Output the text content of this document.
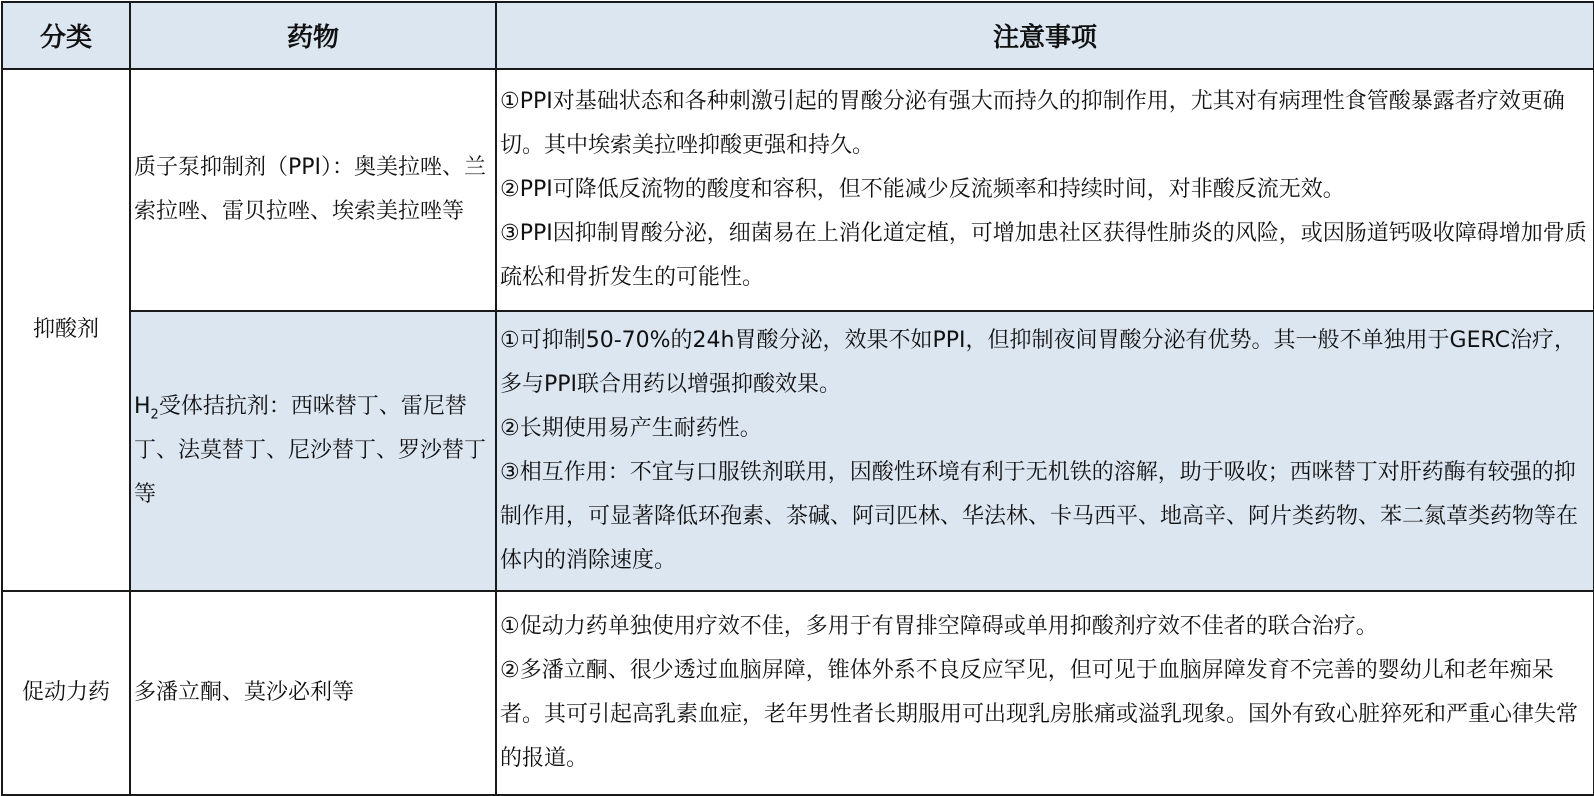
分类	药物	注意事项
抑酸剂	质子泵抑制剂（PPI）：奥美拉唑、兰索拉唑、雷贝拉唑、埃索美拉唑等	①PPI对基础状态和各种刺激引起的胃酸分泌有强大而持久的抑制作用，尤其对有病理性食管酸暴露者疗效更确切。其中埃索美拉唑抑酸更强和持久。

②PPI可降低反流物的酸度和容积，但不能减少反流频率和持续时间，对非酸反流无效。

③PPI因抑制胃酸分泌，细菌易在上消化道定植，可增加患社区获得性肺炎的风险，或因肠道钙吸收障碍增加骨质疏松和骨折发生的可能性。

	$H_2$受体拮抗剂：西咪替丁、雷尼替丁、法莫替丁、尼沙替丁、罗沙替丁等	①可抑制50-70%的24h胃酸分泌，效果不如PPI，但抑制夜间胃酸分泌有优势。其一般不单独用于GERC治疗，多与PPI联合用药以增强抑酸效果。

②长期使用易产生耐药性。

③相互作用：不宜与口服铁剂联用，因酸性环境有利于无机铁的溶解，助于吸收；西咪替丁对肝药酶有较强的抑制作用，可显著降低环孢素、茶碱、阿司匹林、华法林、卡马西平、地高辛、阿片类药物、苯二氮䓬类药物等在体内的消除速度。

促动力药	多潘立酮、莫沙必利等	①促动力药单独使用疗效不佳，多用于有胃排空障碍或单用抑酸剂疗效不佳者的联合治疗。

②多潘立酮、很少透过血脑屏障，锥体外系不良反应罕见，但可见于血脑屏障发育不完善的婴幼儿和老年痴呆者。其可引起高乳素血症，老年男性者长期服用可出现乳房胀痛或溢乳现象。国外有致心脏猝死和严重心律失常的报道。
